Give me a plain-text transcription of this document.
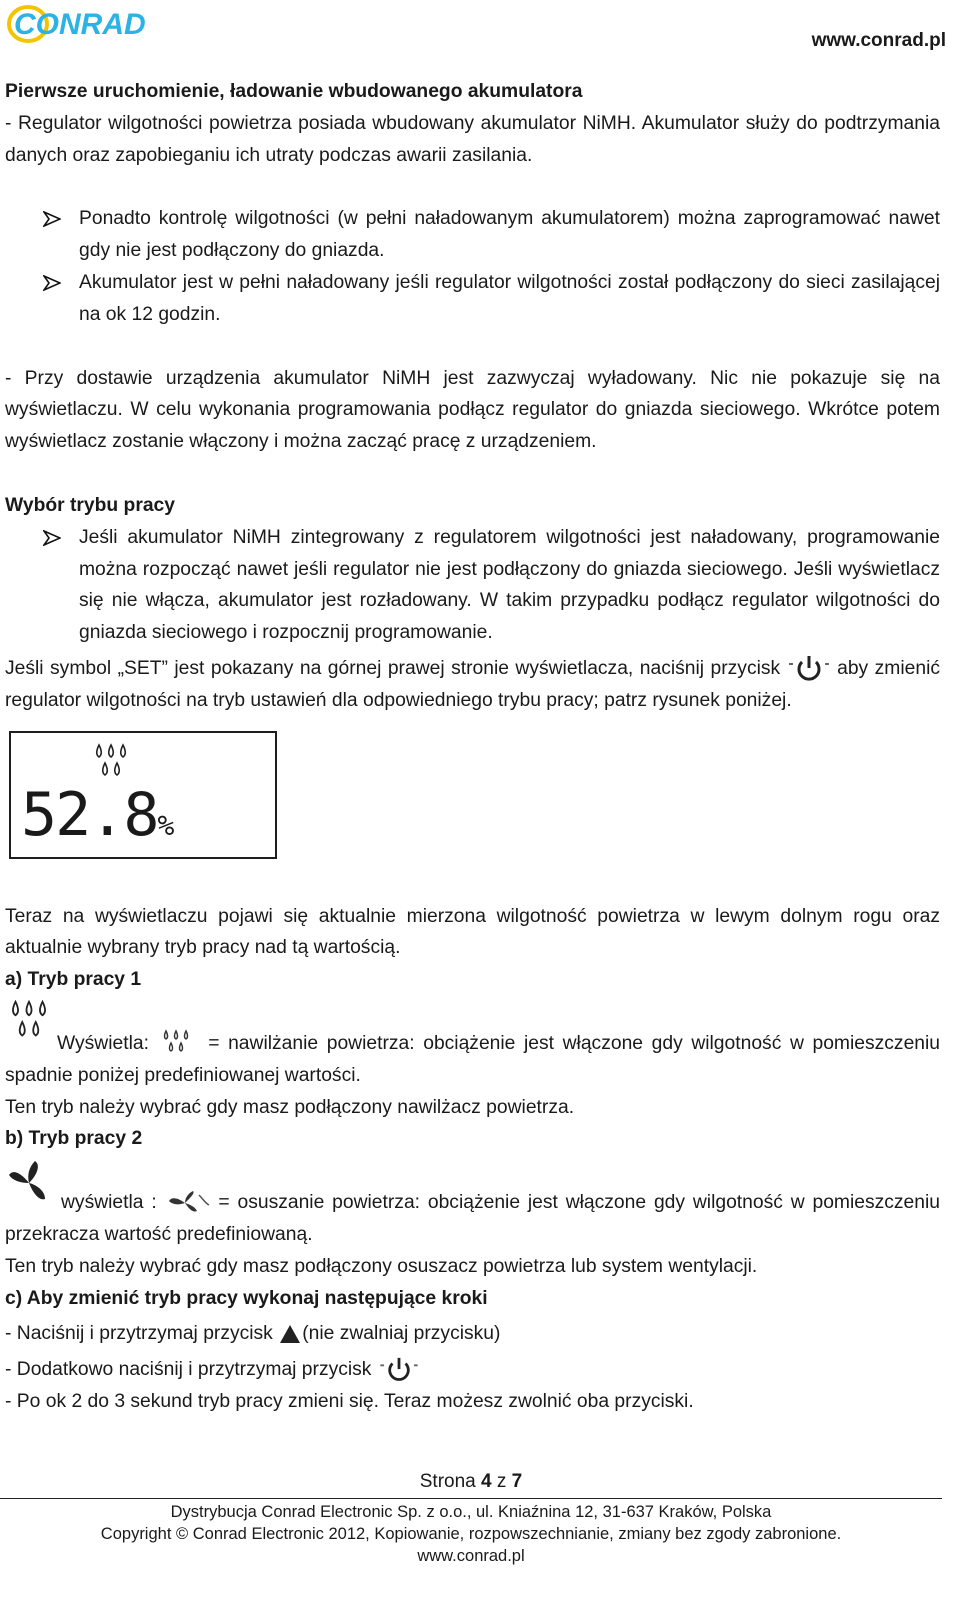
CONRAD	www.conrad.pl

Pierwsze uruchomienie, ładowanie wbudowanego akumulatora

- Regulator wilgotności powietrza posiada wbudowany akumulator NiMH. Akumulator służy do podtrzymania danych oraz zapobieganiu ich utraty podczas awarii zasilania.

Ponadto kontrolę wilgotności (w pełni naładowanym akumulatorem) można zaprogramować nawet gdy nie jest podłączony do gniazda.
Akumulator jest w pełni naładowany jeśli regulator wilgotności został podłączony do sieci zasilającej na ok 12 godzin.

- Przy dostawie urządzenia akumulator NiMH jest zazwyczaj wyładowany. Nic nie pokazuje się na wyświetlaczu. W celu wykonania programowania podłącz regulator do gniazda sieciowego. Wkrótce potem wyświetlacz zostanie włączony i można zacząć pracę z urządzeniem.

Wybór trybu pracy

Jeśli akumulator NiMH zintegrowany z regulatorem wilgotności jest naładowany, programowanie można rozpocząć nawet jeśli regulator nie jest podłączony do gniazda sieciowego. Jeśli wyświetlacz się nie włącza, akumulator jest rozładowany. W takim przypadku podłącz regulator wilgotności do gniazda sieciowego i rozpocznij programowanie.

Jeśli symbol „SET” jest pokazany na górnej prawej stronie wyświetlacza, naciśnij przycisk	aby zmienić regulator wilgotności na tryb ustawień dla odpowiedniego trybu pracy; patrz rysunek poniżej.

52.8%

Teraz na wyświetlaczu pojawi się aktualnie mierzona wilgotność powietrza w lewym dolnym rogu oraz aktualnie wybrany tryb pracy nad tą wartością.

a) Tryb pracy 1

Wyświetla:	= nawilżanie powietrza: obciążenie jest włączone gdy wilgotność w pomieszczeniu spadnie poniżej predefiniowanej wartości.

Ten tryb należy wybrać gdy masz podłączony nawilżacz powietrza.

b) Tryb pracy 2

wyświetla :	= osuszanie powietrza: obciążenie jest włączone gdy wilgotność w pomieszczeniu przekracza wartość predefiniowaną.

Ten tryb należy wybrać gdy masz podłączony osuszacz powietrza lub system wentylacji.

c) Aby zmienić tryb pracy wykonaj następujące kroki

- Naciśnij i przytrzymaj przycisk (nie zwalniaj przycisku)

- Dodatkowo naciśnij i przytrzymaj przycisk

- Po ok 2 do 3 sekund tryb pracy zmieni się. Teraz możesz zwolnić oba przyciski.

Strona 4 z 7
Dystrybucja Conrad Electronic Sp. z o.o., ul. Kniaźnina 12, 31-637 Kraków, Polska
Copyright © Conrad Electronic 2012, Kopiowanie, rozpowszechnianie, zmiany bez zgody zabronione.
www.conrad.pl
